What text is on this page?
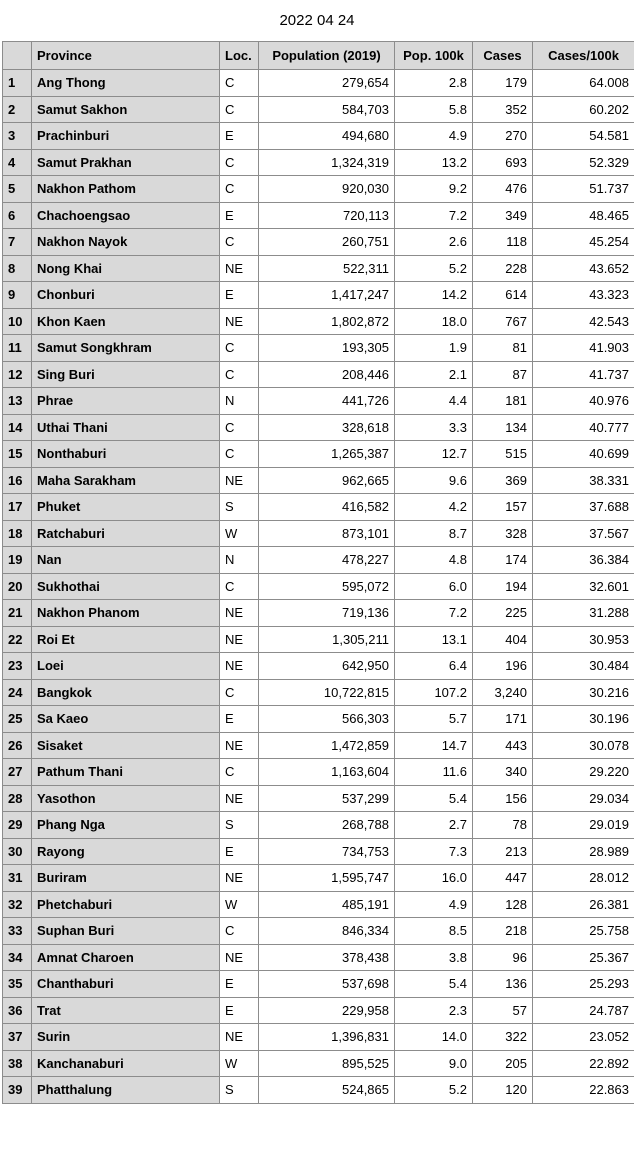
2022 04 24
	Province	Loc.	Population (2019)	Pop. 100k	Cases	Cases/100k
1	Ang Thong	C	279,654	2.8	179	64.008
2	Samut Sakhon	C	584,703	5.8	352	60.202
3	Prachinburi	E	494,680	4.9	270	54.581
4	Samut Prakhan	C	1,324,319	13.2	693	52.329
5	Nakhon Pathom	C	920,030	9.2	476	51.737
6	Chachoengsao	E	720,113	7.2	349	48.465
7	Nakhon Nayok	C	260,751	2.6	118	45.254
8	Nong Khai	NE	522,311	5.2	228	43.652
9	Chonburi	E	1,417,247	14.2	614	43.323
10	Khon Kaen	NE	1,802,872	18.0	767	42.543
11	Samut Songkhram	C	193,305	1.9	81	41.903
12	Sing Buri	C	208,446	2.1	87	41.737
13	Phrae	N	441,726	4.4	181	40.976
14	Uthai Thani	C	328,618	3.3	134	40.777
15	Nonthaburi	C	1,265,387	12.7	515	40.699
16	Maha Sarakham	NE	962,665	9.6	369	38.331
17	Phuket	S	416,582	4.2	157	37.688
18	Ratchaburi	W	873,101	8.7	328	37.567
19	Nan	N	478,227	4.8	174	36.384
20	Sukhothai	C	595,072	6.0	194	32.601
21	Nakhon Phanom	NE	719,136	7.2	225	31.288
22	Roi Et	NE	1,305,211	13.1	404	30.953
23	Loei	NE	642,950	6.4	196	30.484
24	Bangkok	C	10,722,815	107.2	3,240	30.216
25	Sa Kaeo	E	566,303	5.7	171	30.196
26	Sisaket	NE	1,472,859	14.7	443	30.078
27	Pathum Thani	C	1,163,604	11.6	340	29.220
28	Yasothon	NE	537,299	5.4	156	29.034
29	Phang Nga	S	268,788	2.7	78	29.019
30	Rayong	E	734,753	7.3	213	28.989
31	Buriram	NE	1,595,747	16.0	447	28.012
32	Phetchaburi	W	485,191	4.9	128	26.381
33	Suphan Buri	C	846,334	8.5	218	25.758
34	Amnat Charoen	NE	378,438	3.8	96	25.367
35	Chanthaburi	E	537,698	5.4	136	25.293
36	Trat	E	229,958	2.3	57	24.787
37	Surin	NE	1,396,831	14.0	322	23.052
38	Kanchanaburi	W	895,525	9.0	205	22.892
39	Phatthalung	S	524,865	5.2	120	22.863
